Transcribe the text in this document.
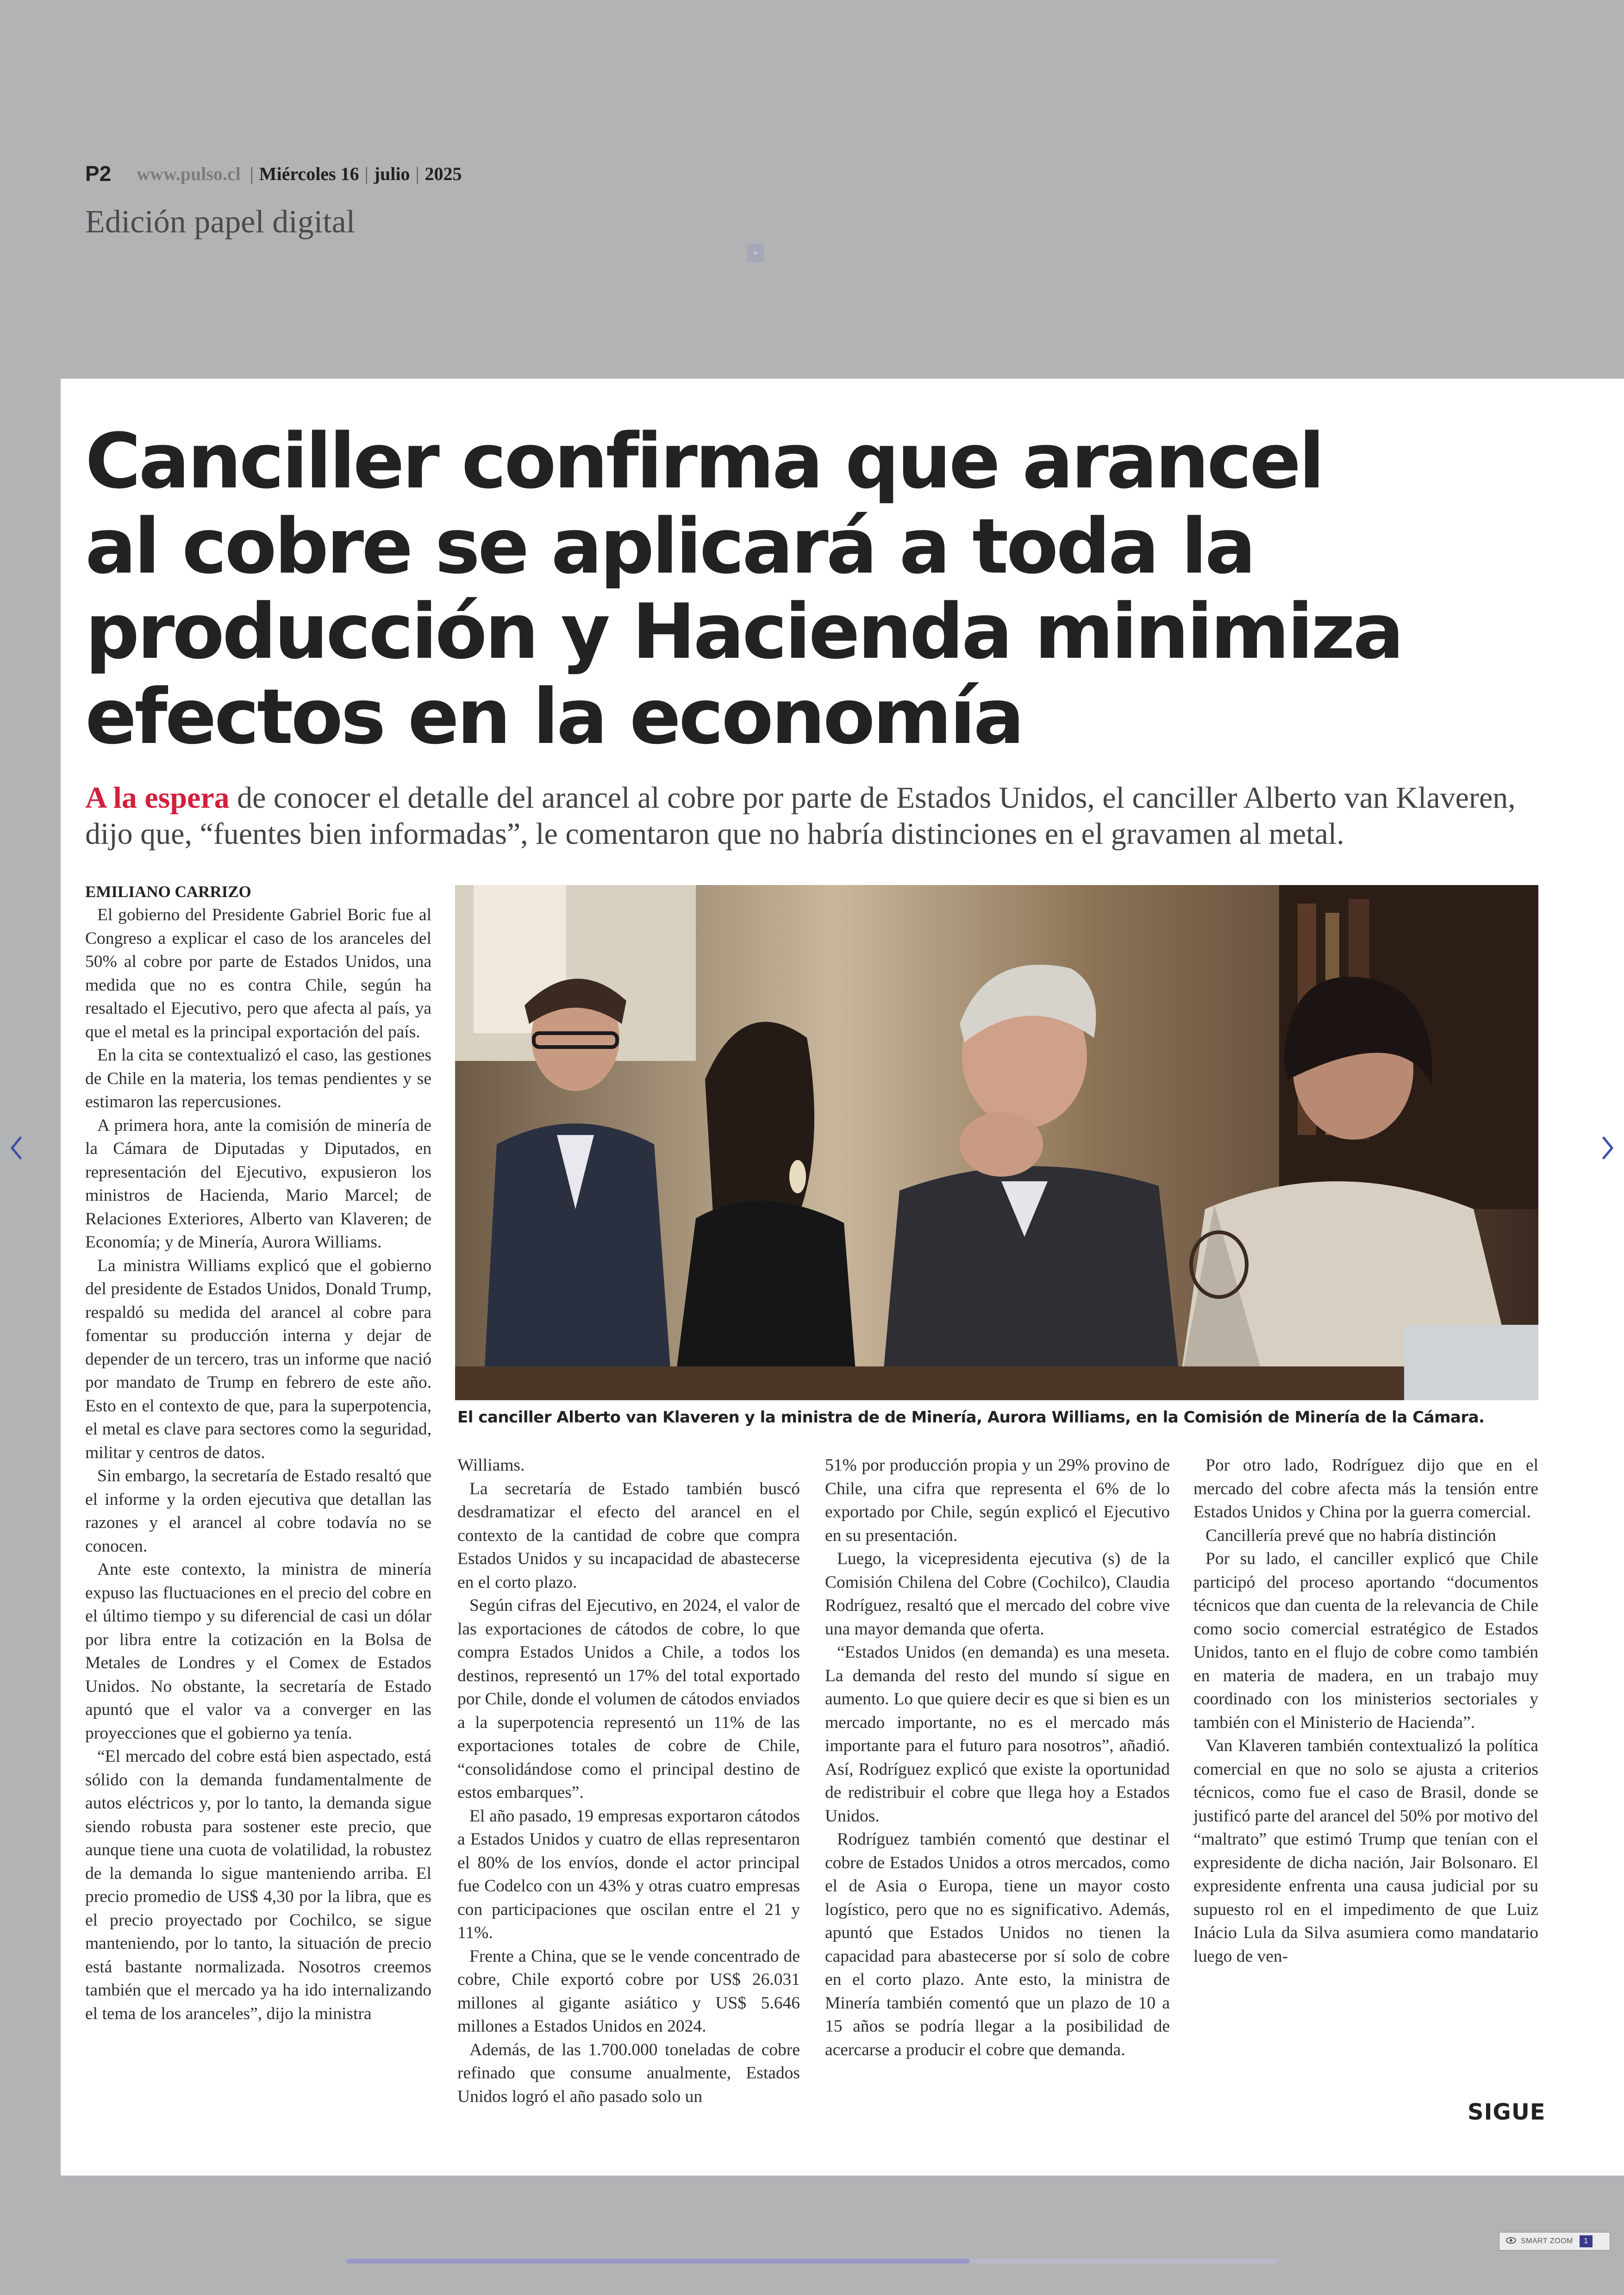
P2 www.pulso.cl | Miércoles 16 | julio | 2025
Edición papel digital
▫
Canciller confirma que arancel
al cobre se aplicará a toda la
producción y Hacienda minimiza
efectos en la economía
A la espera de conocer el detalle del arancel al cobre por parte de Estados Unidos, el canciller Alberto van Klaveren, dijo que, “fuentes bien informadas”, le comentaron que no habría distinciones en el gravamen al metal.

EMILIANO CARRIZO

El gobierno del Presidente Gabriel Boric fue al Congreso a explicar el caso de los aranceles del 50% al cobre por parte de Estados Unidos, una medida que no es contra Chile, según ha resaltado el Ejecutivo, pero que afecta al país, ya que el metal es la principal exportación del país.

En la cita se contextualizó el caso, las gestiones de Chile en la materia, los temas pendientes y se estimaron las repercusiones.

A primera hora, ante la comisión de minería de la Cámara de Diputadas y Diputados, en representación del Ejecutivo, expusieron los ministros de Hacienda, Mario Marcel; de Relaciones Exteriores, Alberto van Klaveren; de Economía; y de Minería, Aurora Williams.

La ministra Williams explicó que el gobierno del presidente de Estados Unidos, Donald Trump, respaldó su medida del arancel al cobre para fomentar su producción interna y dejar de depender de un tercero, tras un informe que nació por mandato de Trump en febrero de este año. Esto en el contexto de que, para la superpotencia, el metal es clave para sectores como la seguridad, militar y centros de datos.

Sin embargo, la secretaría de Estado resaltó que el informe y la orden ejecutiva que detallan las razones y el arancel al cobre todavía no se conocen.

Ante este contexto, la ministra de minería expuso las fluctuaciones en el precio del cobre en el último tiempo y su diferencial de casi un dólar por libra entre la cotización en la Bolsa de Metales de Londres y el Comex de Estados Unidos. No obstante, la secretaría de Estado apuntó que el valor va a converger en las proyecciones que el gobierno ya tenía.

“El mercado del cobre está bien aspectado, está sólido con la demanda fundamentalmente de autos eléctricos y, por lo tanto, la demanda sigue siendo robusta para sostener este precio, que aunque tiene una cuota de volatilidad, la robustez de la demanda lo sigue manteniendo arriba. El precio promedio de US$ 4,30 por la libra, que es el precio proyectado por Cochilco, se sigue manteniendo, por lo tanto, la situación de precio está bastante normalizada. Nosotros creemos también que el mercado ya ha ido internalizando el tema de los aranceles”, dijo la ministra

El canciller Alberto van Klaveren y la ministra de de Minería, Aurora Williams, en la Comisión de Minería de la Cámara.

Williams.

La secretaría de Estado también buscó desdramatizar el efecto del arancel en el contexto de la cantidad de cobre que compra Estados Unidos y su incapacidad de abastecerse en el corto plazo.

Según cifras del Ejecutivo, en 2024, el valor de las exportaciones de cátodos de cobre, lo que compra Estados Unidos a Chile, a todos los destinos, representó un 17% del total exportado por Chile, donde el volumen de cátodos enviados a la superpotencia representó un 11% de las exportaciones totales de cobre de Chile, “consolidándose como el principal destino de estos embarques”.

El año pasado, 19 empresas exportaron cátodos a Estados Unidos y cuatro de ellas representaron el 80% de los envíos, donde el actor principal fue Codelco con un 43% y otras cuatro empresas con participaciones que oscilan entre el 21 y 11%.

Frente a China, que se le vende concentrado de cobre, Chile exportó cobre por US$ 26.031 millones al gigante asiático y US$ 5.646 millones a Estados Unidos en 2024.

Además, de las 1.700.000 toneladas de cobre refinado que consume anualmente, Estados Unidos logró el año pasado solo un

51% por producción propia y un 29% provino de Chile, una cifra que representa el 6% de lo exportado por Chile, según explicó el Ejecutivo en su presentación.

Luego, la vicepresidenta ejecutiva (s) de la Comisión Chilena del Cobre (Cochilco), Claudia Rodríguez, resaltó que el mercado del cobre vive una mayor demanda que oferta.

“Estados Unidos (en demanda) es una meseta. La demanda del resto del mundo sí sigue en aumento. Lo que quiere decir es que si bien es un mercado importante, no es el mercado más importante para el futuro para nosotros”, añadió. Así, Rodríguez explicó que existe la oportunidad de redistribuir el cobre que llega hoy a Estados Unidos.

Rodríguez también comentó que destinar el cobre de Estados Unidos a otros mercados, como el de Asia o Europa, tiene un mayor costo logístico, pero que no es significativo. Además, apuntó que Estados Unidos no tienen la capacidad para abastecerse por sí solo de cobre en el corto plazo. Ante esto, la ministra de Minería también comentó que un plazo de 10 a 15 años se podría llegar a la posibilidad de acercarse a producir el cobre que demanda.

Por otro lado, Rodríguez dijo que en el mercado del cobre afecta más la tensión entre Estados Unidos y China por la guerra comercial.

Cancillería prevé que no habría distinción

Por su lado, el canciller explicó que Chile participó del proceso aportando “documentos técnicos que dan cuenta de la relevancia de Chile como socio comercial estratégico de Estados Unidos, tanto en el flujo de cobre como también en materia de madera, en un trabajo muy coordinado con los ministerios sectoriales y también con el Ministerio de Hacienda”.

Van Klaveren también contextualizó la política comercial en que no solo se ajusta a criterios técnicos, como fue el caso de Brasil, donde se justificó parte del arancel del 50% por motivo del “maltrato” que estimó Trump que tenían con el expresidente de dicha nación, Jair Bolsonaro. El expresidente enfrenta una causa judicial por su supuesto rol en el impedimento de que Luiz Inácio Lula da Silva asumiera como mandatario luego de ven-

SIGUE
SMART ZOOM	1
